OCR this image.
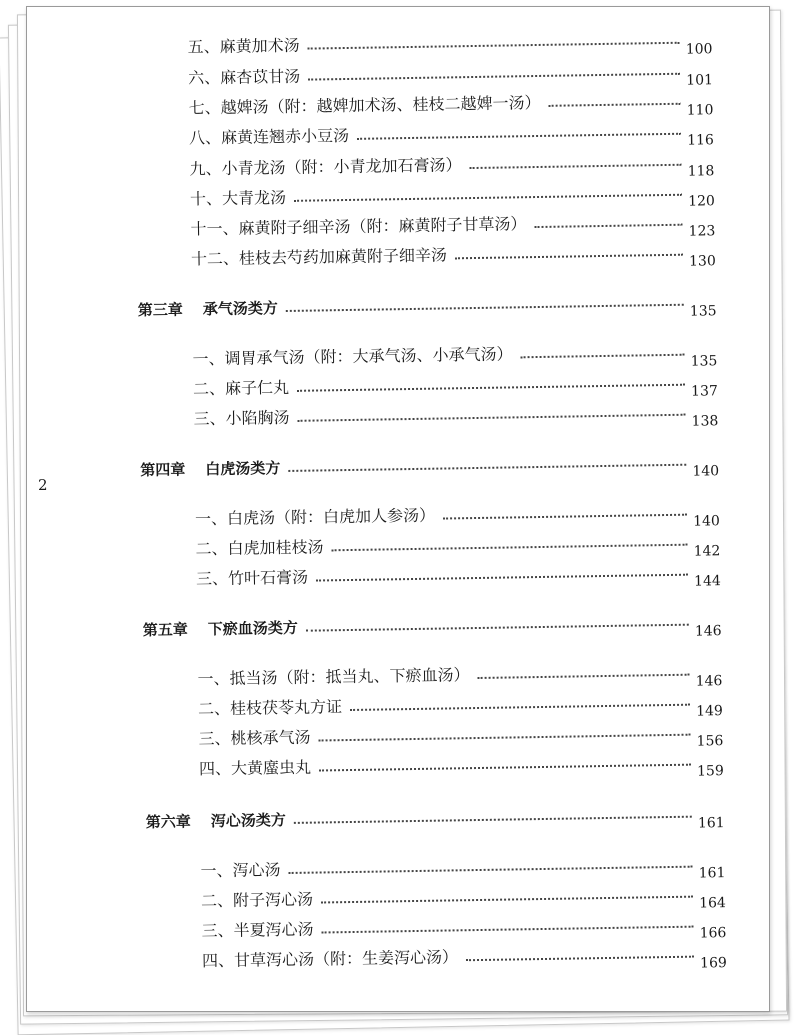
五、麻黄加术汤	100
六、麻杏苡甘汤	101
七、越婢汤（附：越婢加术汤、桂枝二越婢一汤）	110
八、麻黄连翘赤小豆汤	116
九、小青龙汤（附：小青龙加石膏汤）	118
十、大青龙汤	120
十一、麻黄附子细辛汤（附：麻黄附子甘草汤）	123
十二、桂枝去芍药加麻黄附子细辛汤	130
第三章 承气汤类方	135
一、调胃承气汤（附：大承气汤、小承气汤）	135
二、麻子仁丸	137
三、小陷胸汤	138
第四章 白虎汤类方	140
一、白虎汤（附：白虎加人参汤）	140
二、白虎加桂枝汤	142
三、竹叶石膏汤	144
第五章 下瘀血汤类方	146
一、抵当汤（附：抵当丸、下瘀血汤）	146
二、桂枝茯苓丸方证	149
三、桃核承气汤	156
四、大黄䗪虫丸	159
第六章 泻心汤类方	161
一、泻心汤	161
二、附子泻心汤	164
三、半夏泻心汤	166
四、甘草泻心汤（附：生姜泻心汤）	169
2
